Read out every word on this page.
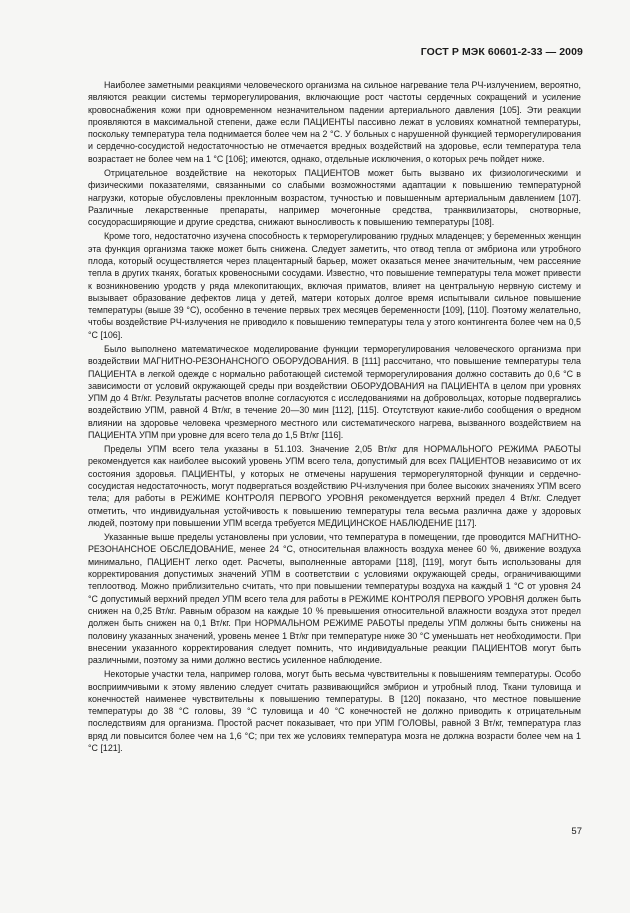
ГОСТ Р МЭК 60601-2-33 — 2009

Наиболее заметными реакциями человеческого организма на сильное нагревание тела РЧ-излучением, вероятно, являются реакции системы терморегулирования, включающие рост частоты сердечных сокращений и усиление кровоснабжения кожи при одновременном незначительном падении артериального давления [105]. Эти реакции проявляются в максимальной степени, даже если ПАЦИЕНТЫ пассивно лежат в условиях комнатной температуры, поскольку температура тела поднимается более чем на 2 °С. У больных с нарушенной функцией терморегулирования и сердечно-сосудистой недостаточностью не отмечается вредных воздействий на здоровье, если температура тела возрастает не более чем на 1 °С [106]; имеются, однако, отдельные исключения, о которых речь пойдет ниже.

Отрицательное воздействие на некоторых ПАЦИЕНТОВ может быть вызвано их физиологическими и физическими показателями, связанными со слабыми возможностями адаптации к повышению температурной нагрузки, которые обусловлены преклонным возрастом, тучностью и повышенным артериальным давлением [107]. Различные лекарственные препараты, например мочегонные средства, транквилизаторы, снотворные, сосудорасширяющие и другие средства, снижают выносливость к повышению температуры [108].

Кроме того, недостаточно изучена способность к терморегулированию грудных младенцев; у беременных женщин эта функция организма также может быть снижена. Следует заметить, что отвод тепла от эмбриона или утробного плода, который осуществляется через плацентарный барьер, может оказаться менее значительным, чем рассеяние тепла в других тканях, богатых кровеносными сосудами. Известно, что повышение температуры тела может привести к возникновению уродств у ряда млекопитающих, включая приматов, влияет на центральную нервную систему и вызывает образование дефектов лица у детей, матери которых долгое время испытывали сильное повышение температуры (выше 39 °С), особенно в течение первых трех месяцев беременности [109], [110]. Поэтому желательно, чтобы воздействие РЧ-излучения не приводило к повышению температуры тела у этого контингента более чем на 0,5 °С [106].

Было выполнено математическое моделирование функции терморегулирования человеческого организма при воздействии МАГНИТНО-РЕЗОНАНСНОГО ОБОРУДОВАНИЯ. В [111] рассчитано, что повышение температуры тела ПАЦИЕНТА в легкой одежде с нормально работающей системой терморегулирования должно составить до 0,6 °С в зависимости от условий окружающей среды при воздействии ОБОРУДОВАНИЯ на ПАЦИЕНТА в целом при уровнях УПМ до 4 Вт/кг. Результаты расчетов вполне согласуются с исследованиями на добровольцах, которые подвергались воздействию УПМ, равной 4 Вт/кг, в течение 20—30 мин [112], [115]. Отсутствуют какие-либо сообщения о вредном влиянии на здоровье человека чрезмерного местного или систематического нагрева, вызванного воздействием на ПАЦИЕНТА УПМ при уровне для всего тела до 1,5 Вт/кг [116].

Пределы УПМ всего тела указаны в 51.103. Значение 2,05 Вт/кг для НОРМАЛЬНОГО РЕЖИМА РАБОТЫ рекомендуется как наиболее высокий уровень УПМ всего тела, допустимый для всех ПАЦИЕНТОВ независимо от их состояния здоровья. ПАЦИЕНТЫ, у которых не отмечены нарушения терморегуляторной функции и сердечно-сосудистая недостаточность, могут подвергаться воздействию РЧ-излучения при более высоких значениях УПМ всего тела; для работы в РЕЖИМЕ КОНТРОЛЯ ПЕРВОГО УРОВНЯ рекомендуется верхний предел 4 Вт/кг. Следует отметить, что индивидуальная устойчивость к повышению температуры тела весьма различна даже у здоровых людей, поэтому при повышении УПМ всегда требуется МЕДИЦИНСКОЕ НАБЛЮДЕНИЕ [117].

Указанные выше пределы установлены при условии, что температура в помещении, где проводится МАГНИТНО-РЕЗОНАНСНОЕ ОБСЛЕДОВАНИЕ, менее 24 °С, относительная влажность воздуха менее 60 %, движение воздуха минимально, ПАЦИЕНТ легко одет. Расчеты, выполненные авторами [118], [119], могут быть использованы для корректирования допустимых значений УПМ в соответствии с условиями окружающей среды, ограничивающими теплоотвод. Можно приблизительно считать, что при повышении температуры воздуха на каждый 1 °С от уровня 24 °С допустимый верхний предел УПМ всего тела для работы в РЕЖИМЕ КОНТРОЛЯ ПЕРВОГО УРОВНЯ должен быть снижен на 0,25 Вт/кг. Равным образом на каждые 10 % превышения относительной влажности воздуха этот предел должен быть снижен на 0,1 Вт/кг. При НОРМАЛЬНОМ РЕЖИМЕ РАБОТЫ пределы УПМ должны быть снижены на половину указанных значений, уровень менее 1 Вт/кг при температуре ниже 30 °С уменьшать нет необходимости. При внесении указанного корректирования следует помнить, что индивидуальные реакции ПАЦИЕНТОВ могут быть различными, поэтому за ними должно вестись усиленное наблюдение.

Некоторые участки тела, например голова, могут быть весьма чувствительны к повышениям температуры. Особо восприимчивыми к этому явлению следует считать развивающийся эмбрион и утробный плод. Ткани туловища и конечностей наименее чувствительны к повышению температуры. В [120] показано, что местное повышение температуры до 38 °С головы, 39 °С туловища и 40 °С конечностей не должно приводить к отрицательным последствиям для организма. Простой расчет показывает, что при УПМ ГОЛОВЫ, равной 3 Вт/кг, температура глаз вряд ли повысится более чем на 1,6 °С; при тех же условиях температура мозга не должна возрасти более чем на 1 °С [121].

57
